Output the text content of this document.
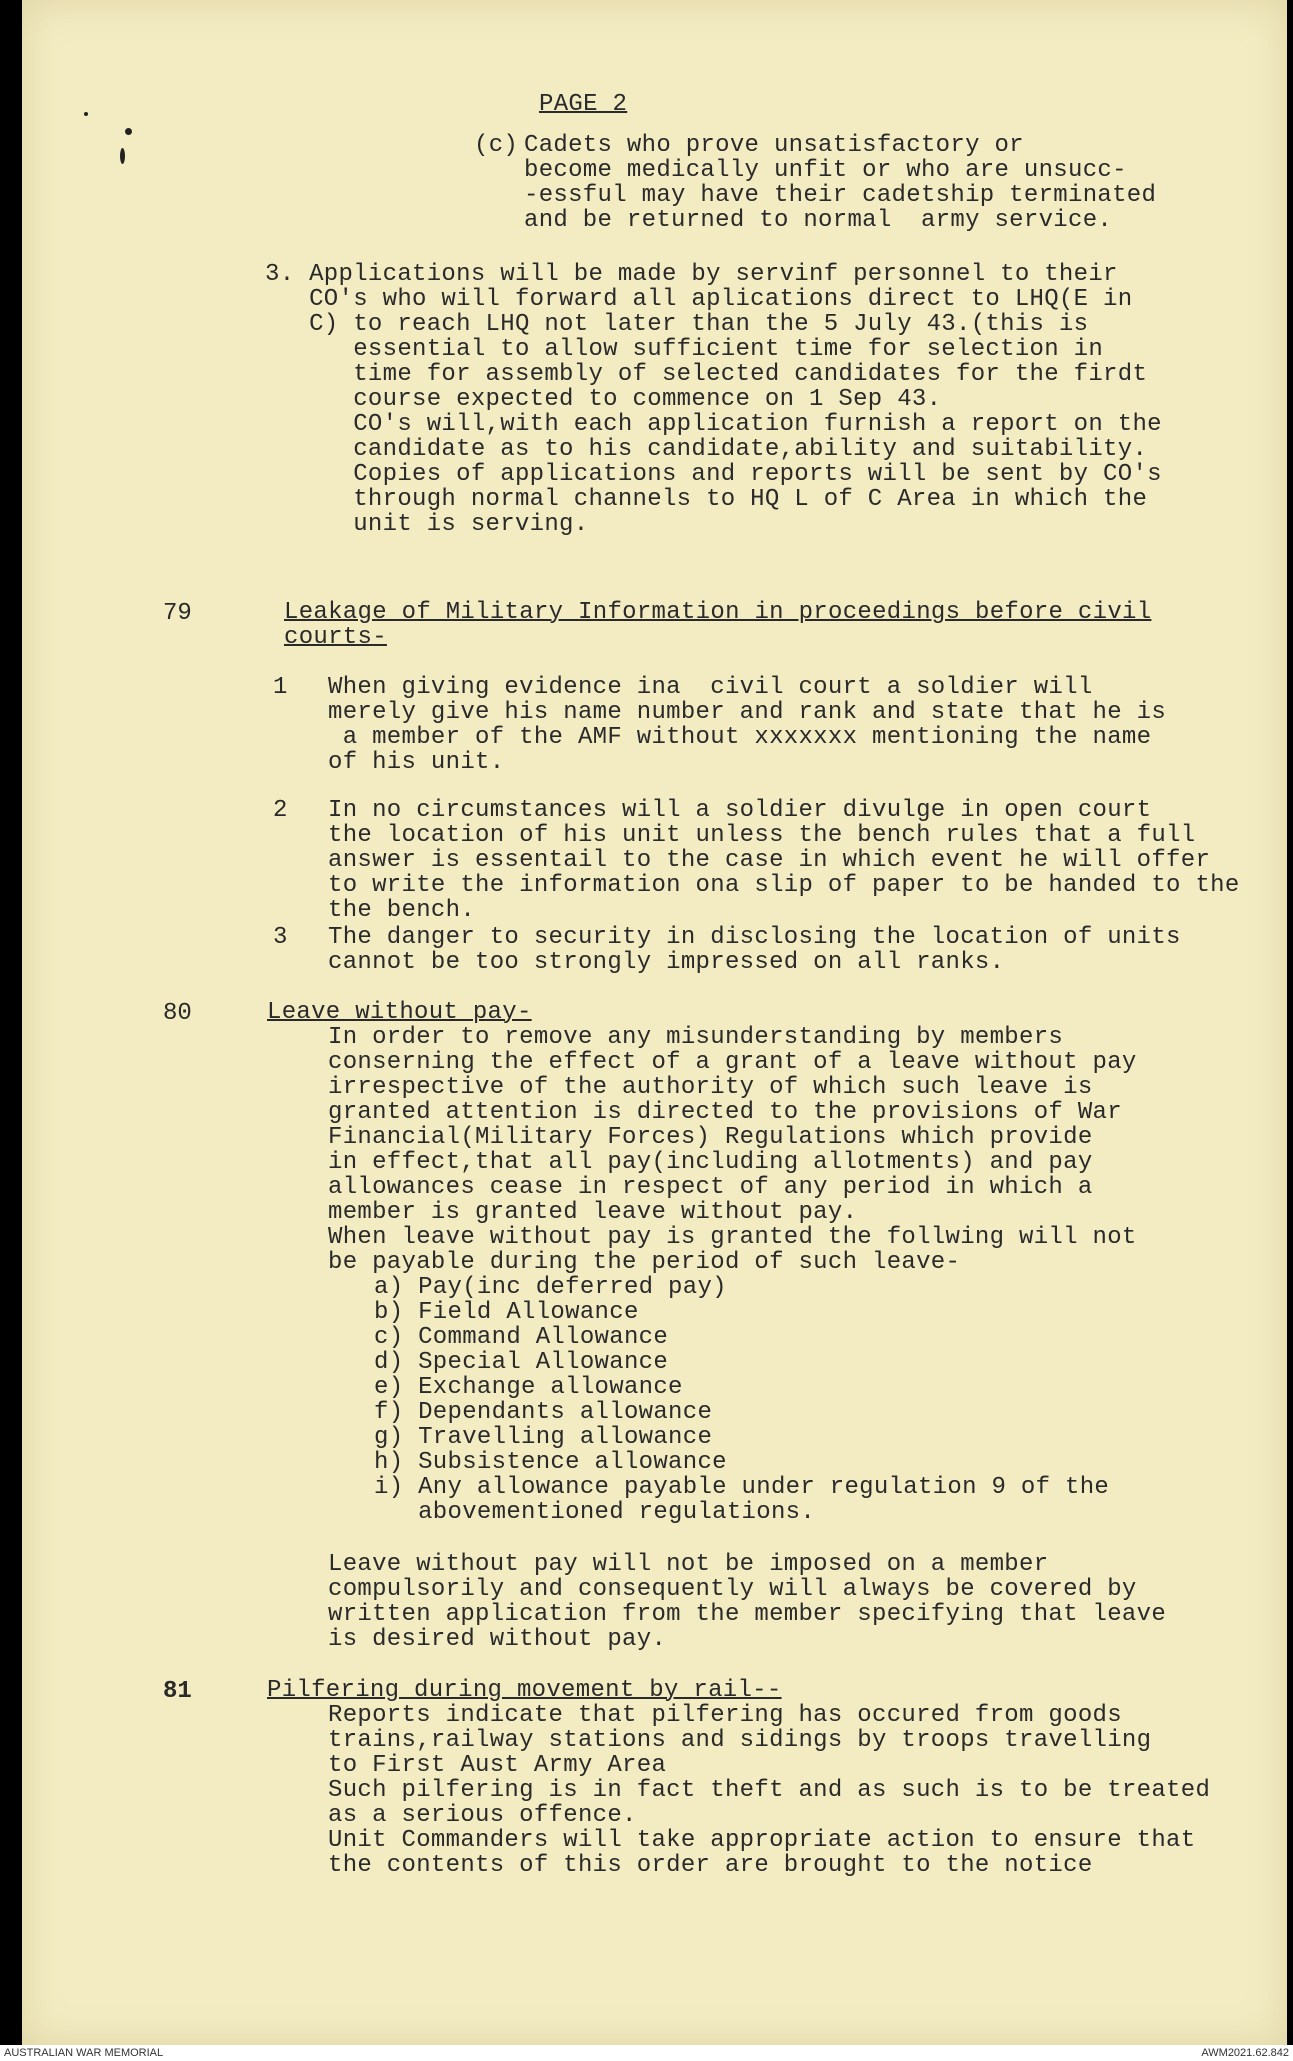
PAGE 2
(c) Cadets who prove unsatisfactory or
become medically unfit or who are unsucc-
-essful may have their cadetship terminated
and be returned to normal  army service.
3. Applications will be made by servinf personnel to their
CO's who will forward all aplications direct to LHQ(E in
C) to reach LHQ not later than the 5 July 43.(this is
essential to allow sufficient time for selection in
time for assembly of selected candidates for the firdt
course expected to commence on 1 Sep 43.
CO's will,with each application furnish a report on the
candidate as to his candidate,ability and suitability.
Copies of applications and reports will be sent by CO's
through normal channels to HQ L of C Area in which the
unit is serving.
79	Leakage of Military Information in proceedings before civil
courts-
1 When giving evidence ina  civil court a soldier will
merely give his name number and rank and state that he is
a member of the AMF without xxxxxxx mentioning the name
of his unit.
2 In no circumstances will a soldier divulge in open court
the location of his unit unless the bench rules that a full
answer is essentail to the case in which event he will offer
to write the information ona slip of paper to be handed to the
the bench.
3 The danger to security in disclosing the location of units
cannot be too strongly impressed on all ranks.
80	Leave without pay-
In order to remove any misunderstanding by members
conserning the effect of a grant of a leave without pay
irrespective of the authority of which such leave is
granted attention is directed to the provisions of War
Financial(Military Forces) Regulations which provide
in effect,that all pay(including allotments) and pay
allowances cease in respect of any period in which a
member is granted leave without pay.
When leave without pay is granted the follwing will not
be payable during the period of such leave-
a) Pay(inc deferred pay)
b) Field Allowance
c) Command Allowance
d) Special Allowance
e) Exchange allowance
f) Dependants allowance
g) Travelling allowance
h) Subsistence allowance
i) Any allowance payable under regulation 9 of the
abovementioned regulations.
Leave without pay will not be imposed on a member
compulsorily and consequently will always be covered by
written application from the member specifying that leave
is desired without pay.
81	Pilfering during movement by rail--
Reports indicate that pilfering has occured from goods
trains,railway stations and sidings by troops travelling
to First Aust Army Area
Such pilfering is in fact theft and as such is to be treated
as a serious offence.
Unit Commanders will take appropriate action to ensure that
the contents of this order are brought to the notice
AUSTRALIAN WAR MEMORIAL	AWM2021.62.842
